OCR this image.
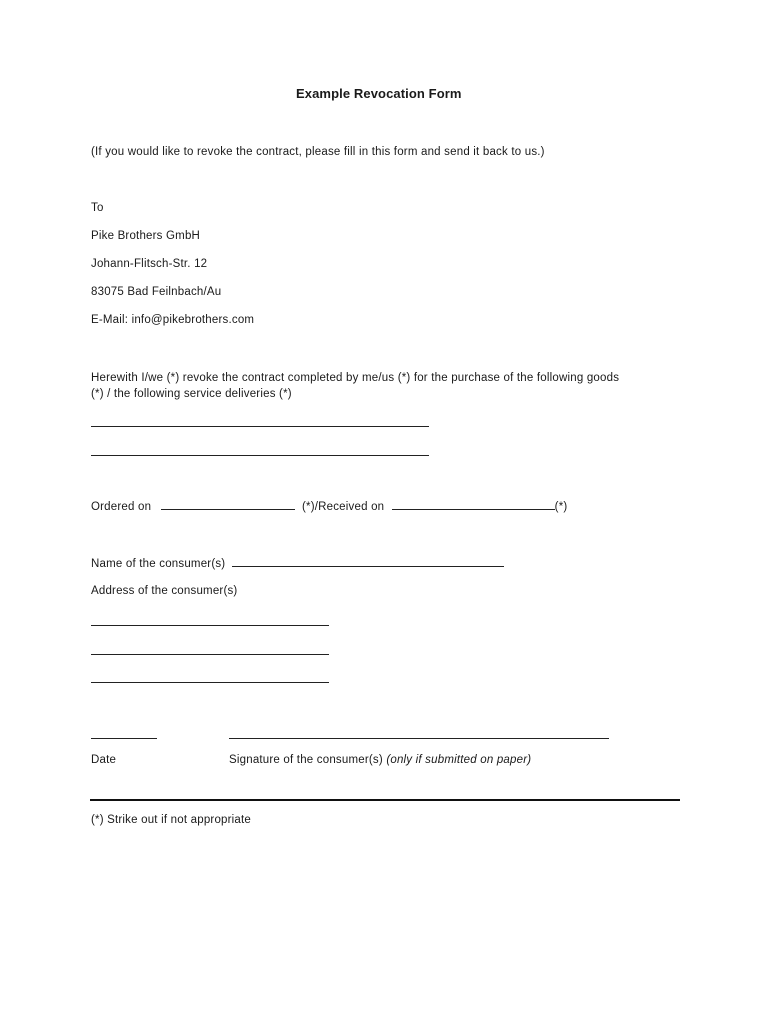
Example Revocation Form
(If you would like to revoke the contract, please fill in this form and send it back to us.)
To
Pike Brothers GmbH
Johann-Flitsch-Str. 12
83075 Bad Feilnbach/Au
E-Mail: info@pikebrothers.com
Herewith I/we (*) revoke the contract completed by me/us (*) for the purchase of the following goods
(*) / the following service deliveries (*)
Ordered on	(*)/Received on	(*)
Name of the consumer(s)
Address of the consumer(s)
Date	Signature of the consumer(s) (only if submitted on paper)
(*) Strike out if not appropriate
